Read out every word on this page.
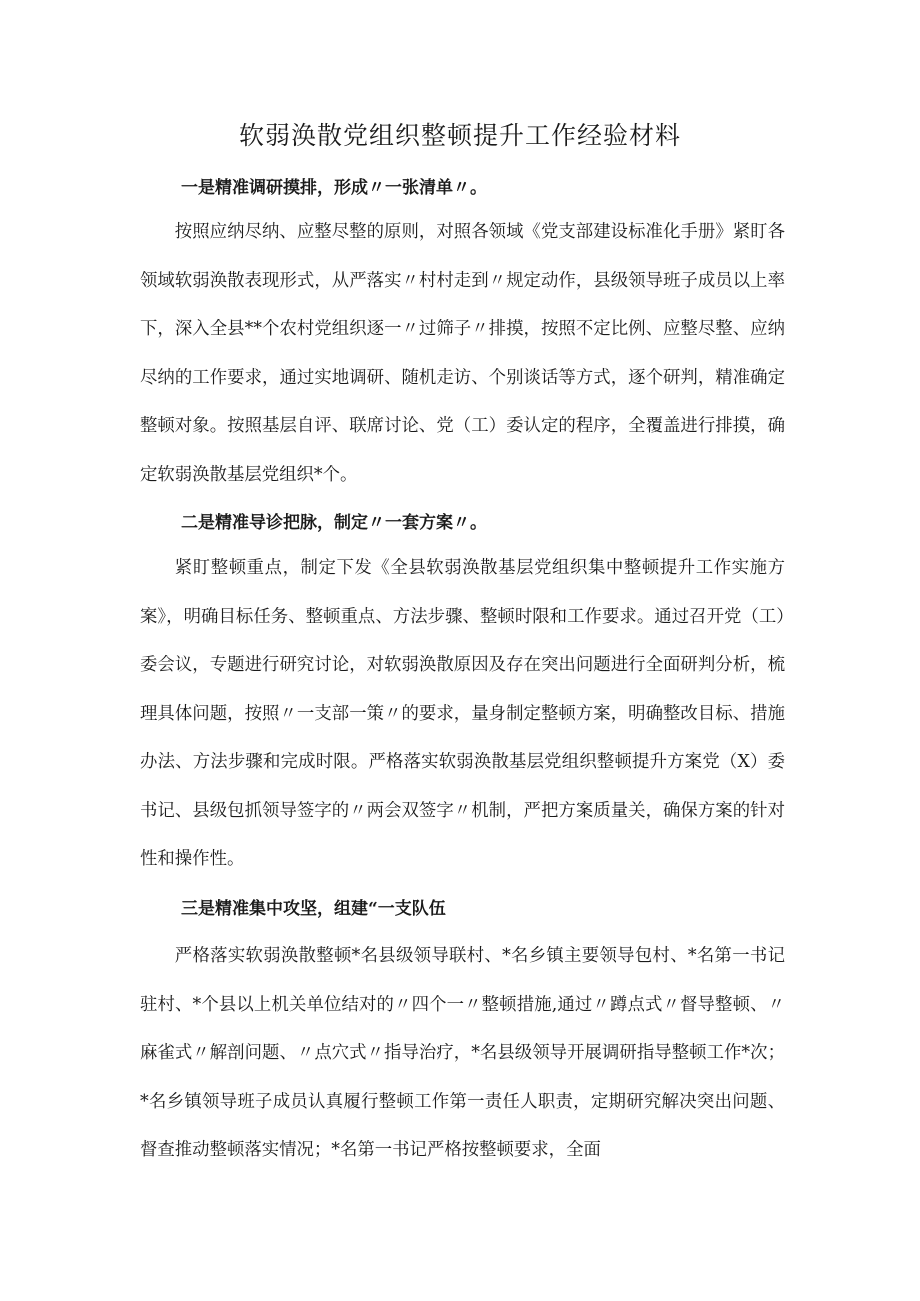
软弱涣散党组织整顿提升工作经验材料
一是精准调研摸排，形成〃一张清单〃。

按照应纳尽纳、应整尽整的原则，对照各领域《党支部建设标准化手册》紧盯各领域软弱涣散表现形式，从严落实〃村村走到〃规定动作，县级领导班子成员以上率下，深入全县**个农村党组织逐一〃过筛子〃排摸，按照不定比例、应整尽整、应纳尽纳的工作要求，通过实地调研、随机走访、个别谈话等方式，逐个研判，精准确定整顿对象。按照基层自评、联席讨论、党（工）委认定的程序，全覆盖进行排摸，确定软弱涣散基层党组织*个。

二是精准导诊把脉，制定〃一套方案〃。

紧盯整顿重点，制定下发《全县软弱涣散基层党组织集中整顿提升工作实施方案》，明确目标任务、整顿重点、方法步骤、整顿时限和工作要求。通过召开党（工）委会议，专题进行研究讨论，对软弱涣散原因及存在突出问题进行全面研判分析，梳理具体问题，按照〃一支部一策〃的要求，量身制定整顿方案，明确整改目标、措施办法、方法步骤和完成时限。严格落实软弱涣散基层党组织整顿提升方案党（X）委书记、县级包抓领导签字的〃两会双签字〃机制，严把方案质量关，确保方案的针对性和操作性。

三是精准集中攻坚，组建“一支队伍

严格落实软弱涣散整顿*名县级领导联村、*名乡镇主要领导包村、*名第一书记驻村、*个县以上机关单位结对的〃四个一〃整顿措施,通过〃蹲点式〃督导整顿、〃麻雀式〃解剖问题、〃点穴式〃指导治疗，*名县级领导开展调研指导整顿工作*次；*名乡镇领导班子成员认真履行整顿工作第一责任人职责，定期研究解决突出问题、督查推动整顿落实情况；*名第一书记严格按整顿要求，全面
